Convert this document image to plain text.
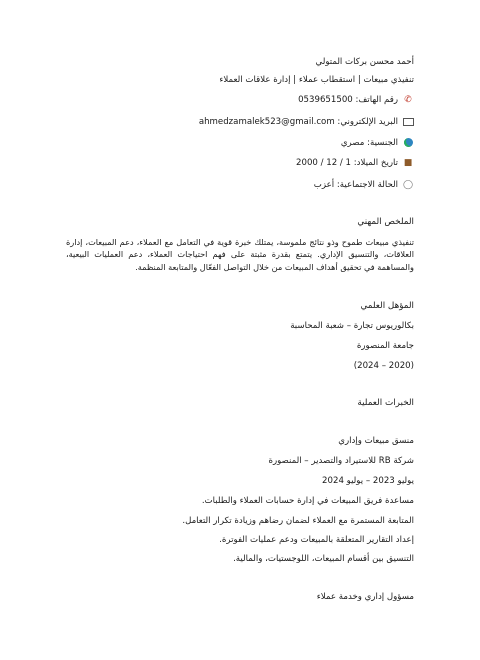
أحمد محسن بركات المتولي
تنفيذي مبيعات | استقطاب عملاء | إدارة علاقات العملاء
✆رقم الهاتف: 0539651500
البريد الإلكتروني: ahmedzamalek523@gmail.com
الجنسية: مصري
■تاريخ الميلاد: 1 / 12 / 2000
◯الحالة الاجتماعية: أعزب
الملخص المهني
تنفيذي مبيعات طموح وذو نتائج ملموسة، يمتلك خبرة قوية في التعامل مع العملاء، دعم المبيعات، إدارة العلاقات، والتنسيق الإداري. يتمتع بقدرة مثبتة على فهم احتياجات العملاء، دعم العمليات البيعية، والمساهمة في تحقيق أهداف المبيعات من خلال التواصل الفعّال والمتابعة المنظمة.
المؤهل العلمي
بكالوريوس تجارة – شعبة المحاسبة
جامعة المنصورة
(2020 – 2024)
الخبرات العملية
منسق مبيعات وإداري
شركة RB للاستيراد والتصدير – المنصورة
يوليو 2023 – يوليو 2024
مساعدة فريق المبيعات في إدارة حسابات العملاء والطلبات.
المتابعة المستمرة مع العملاء لضمان رضاهم وزيادة تكرار التعامل.
إعداد التقارير المتعلقة بالمبيعات ودعم عمليات الفوترة.
التنسيق بين أقسام المبيعات، اللوجستيات، والمالية.
مسؤول إداري وخدمة عملاء
